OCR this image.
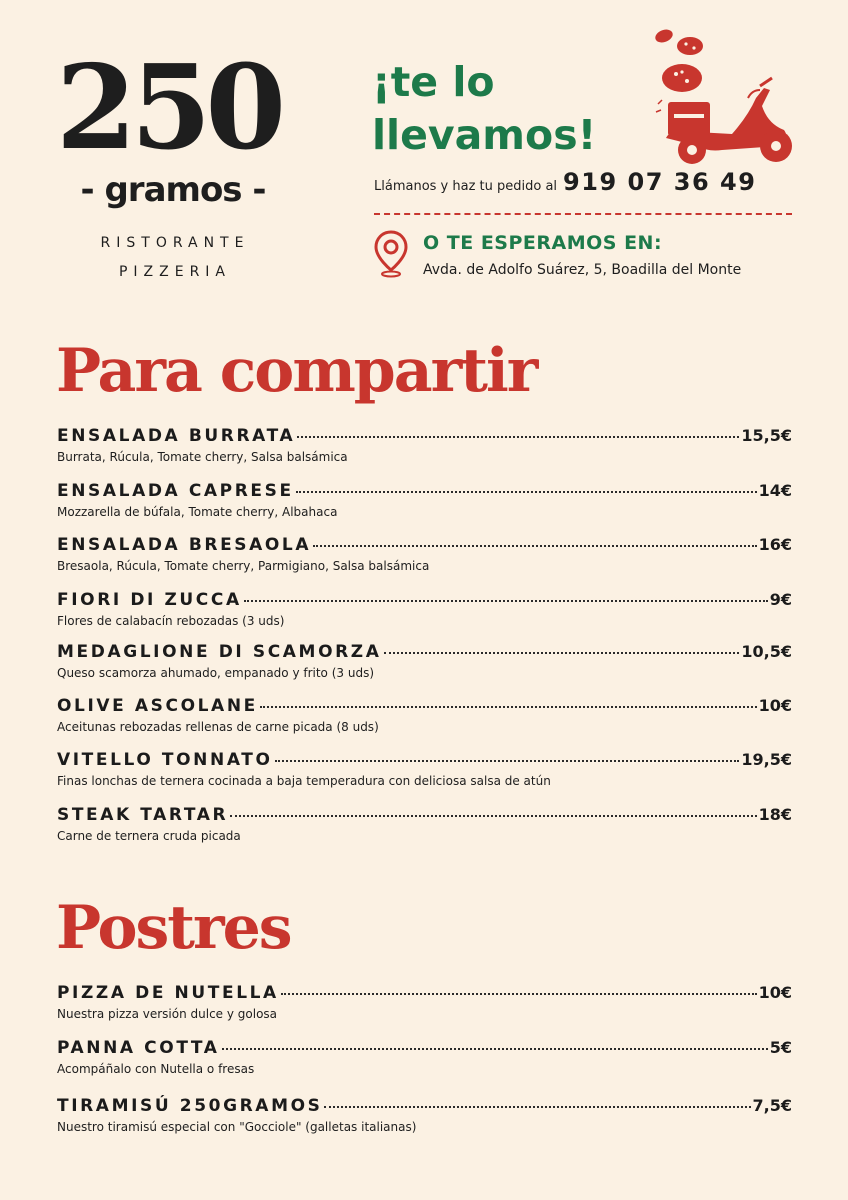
250
- gramos -
RISTORANTE
PIZZERIA
¡te lo
llevamos!
Llámanos y haz tu pedido al 919 07 36 49
O TE ESPERAMOS EN:
Avda. de Adolfo Suárez, 5, Boadilla del Monte
Para compartir
ENSALADA BURRATA	15,5€
Burrata, Rúcula, Tomate cherry, Salsa balsámica
ENSALADA CAPRESE	14€
Mozzarella de búfala, Tomate cherry, Albahaca
ENSALADA BRESAOLA	16€
Bresaola, Rúcula, Tomate cherry, Parmigiano, Salsa balsámica
FIORI DI ZUCCA	9€
Flores de calabacín rebozadas (3 uds)
MEDAGLIONE DI SCAMORZA	10,5€
Queso scamorza ahumado, empanado y frito (3 uds)
OLIVE ASCOLANE	10€
Aceitunas rebozadas rellenas de carne picada (8 uds)
VITELLO TONNATO	19,5€
Finas lonchas de ternera cocinada a baja temperadura con deliciosa salsa de atún
STEAK TARTAR	18€
Carne de ternera cruda picada
Postres
PIZZA DE NUTELLA	10€
Nuestra pizza versión dulce y golosa
PANNA COTTA	5€
Acompáñalo con Nutella o fresas
TIRAMISÚ 250GRAMOS	7,5€
Nuestro tiramisú especial con "Gocciole" (galletas italianas)
